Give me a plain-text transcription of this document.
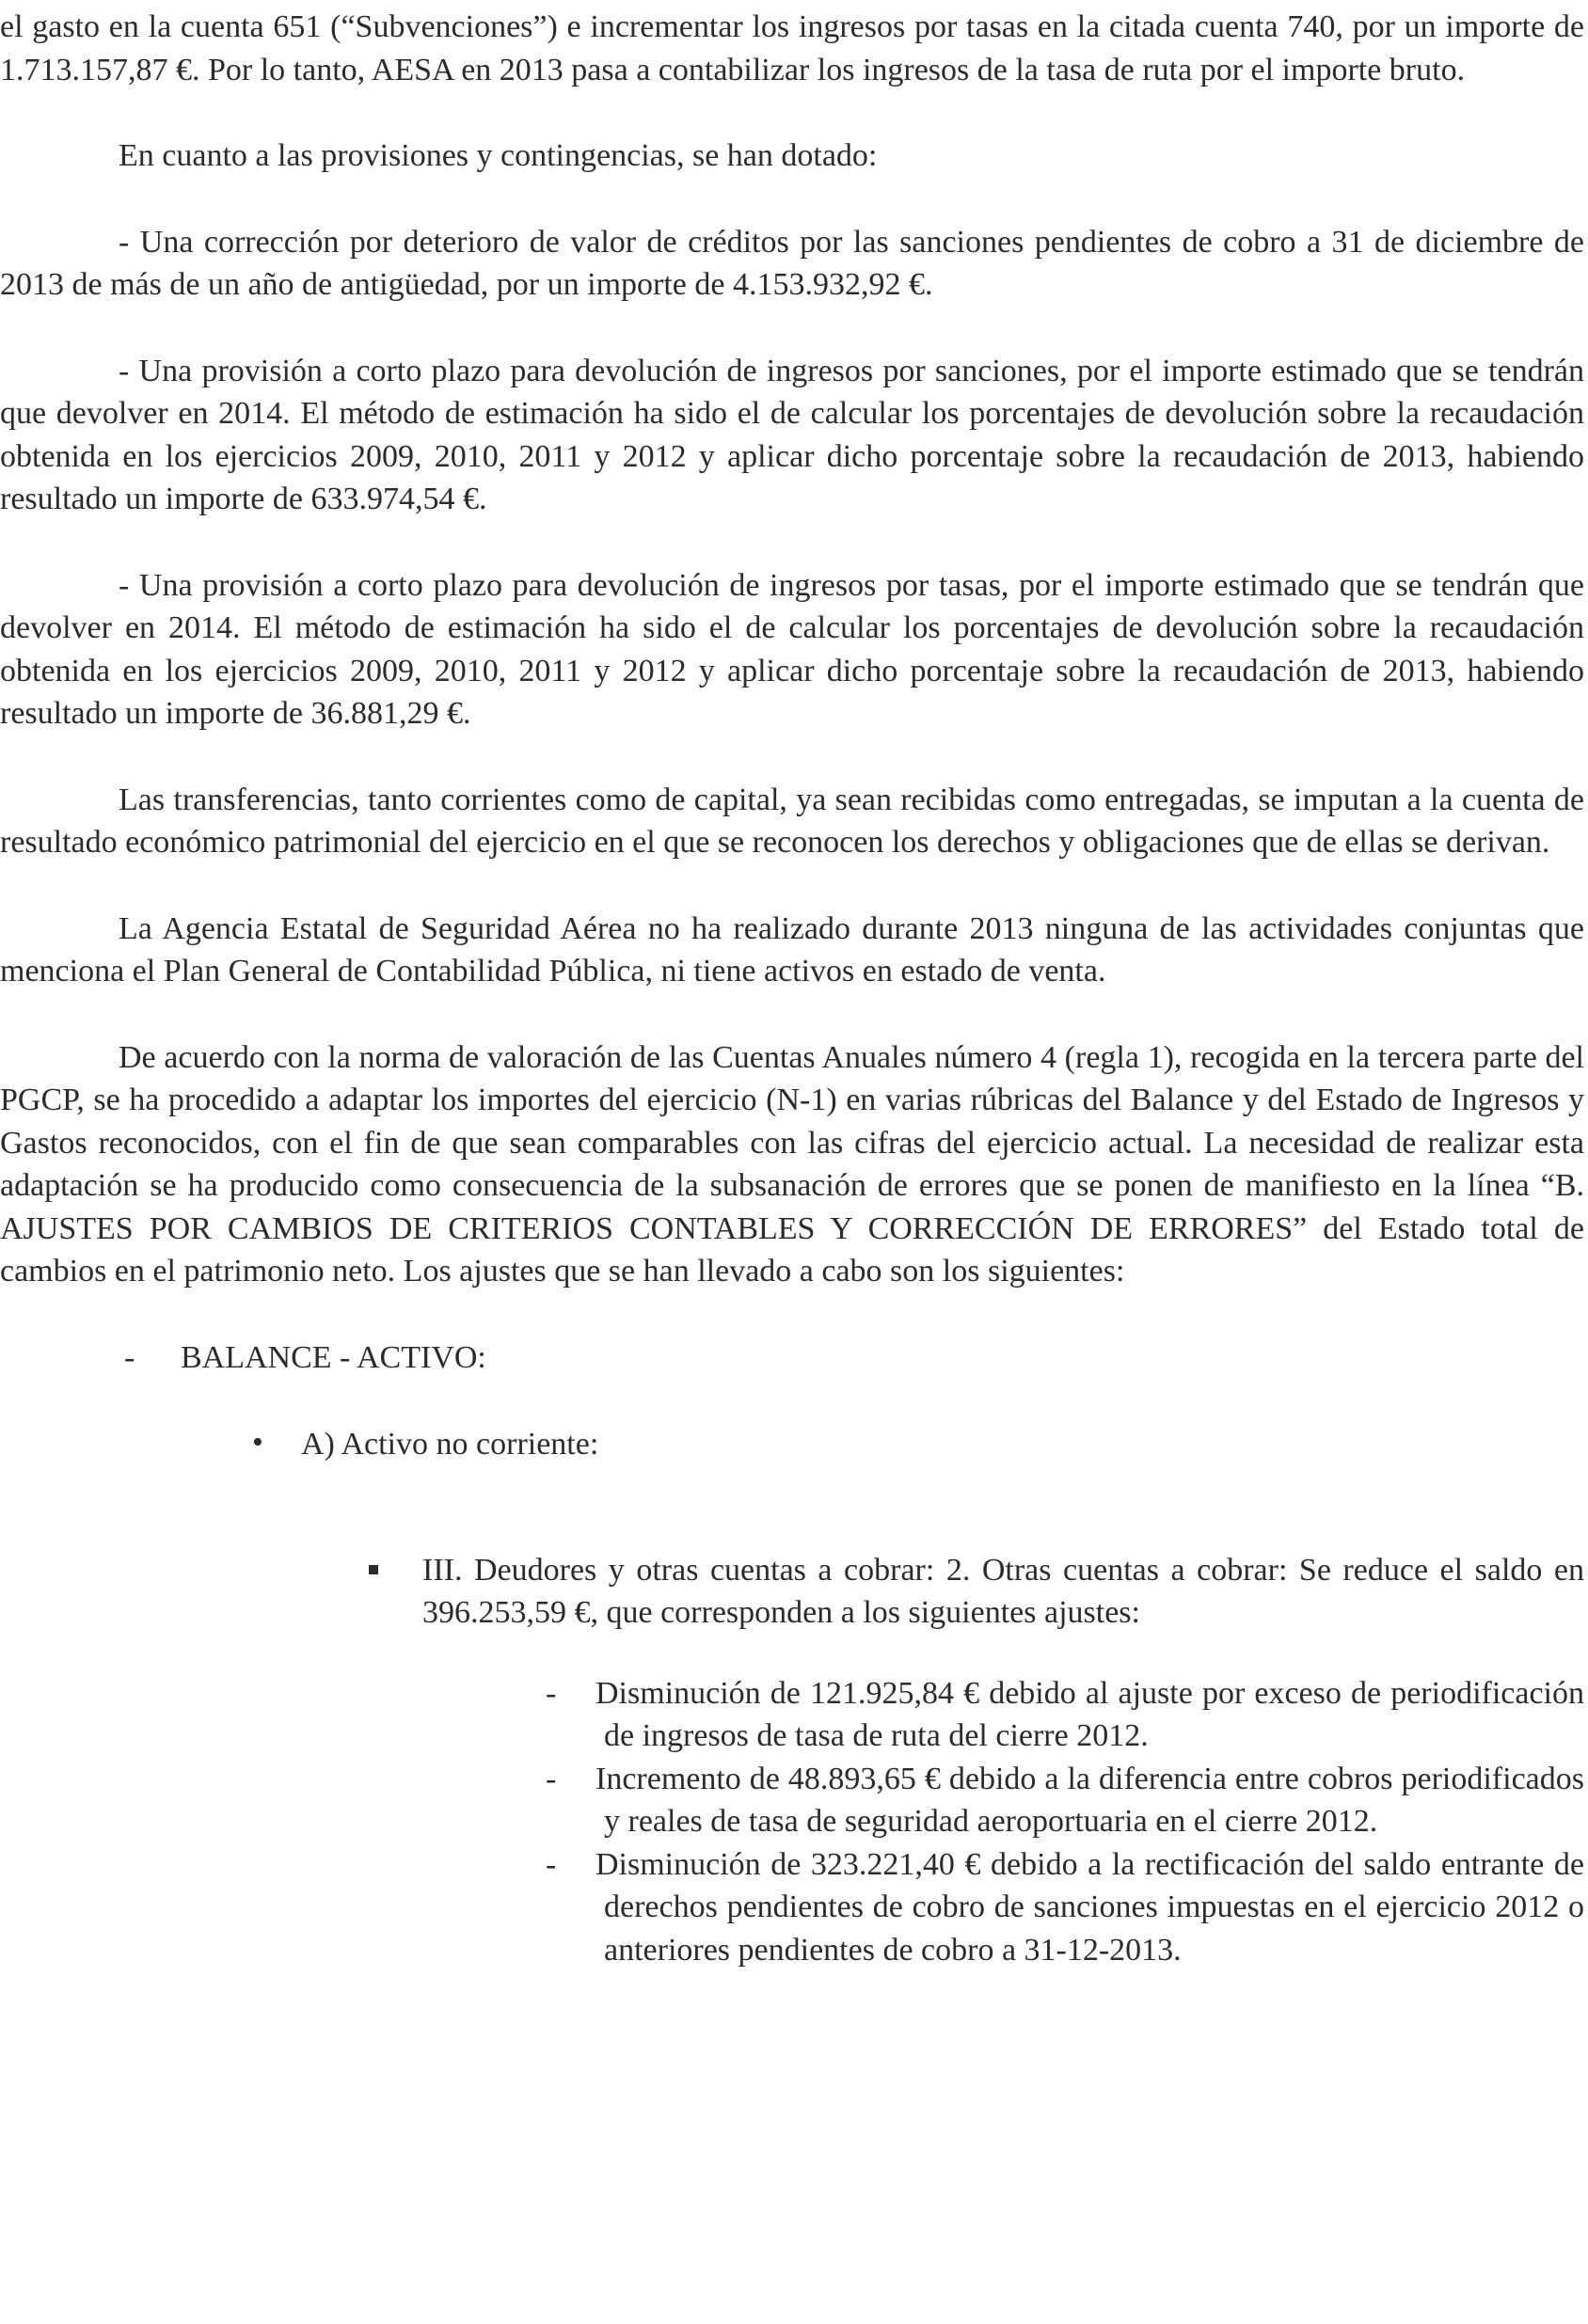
el gasto en la cuenta 651 (“Subvenciones”) e incrementar los ingresos por tasas en la citada cuenta 740, por un importe de 1.713.157,87 €. Por lo tanto, AESA en 2013 pasa a contabilizar los ingresos de la tasa de ruta por el importe bruto.

En cuanto a las provisiones y contingencias, se han dotado:

- Una corrección por deterioro de valor de créditos por las sanciones pendientes de cobro a 31 de diciembre de 2013 de más de un año de antigüedad, por un importe de 4.153.932,92 €.

- Una provisión a corto plazo para devolución de ingresos por sanciones, por el importe estimado que se tendrán que devolver en 2014. El método de estimación ha sido el de calcular los porcentajes de devolución sobre la recaudación obtenida en los ejercicios 2009, 2010, 2011 y 2012 y aplicar dicho porcentaje sobre la recaudación de 2013, habiendo resultado un importe de 633.974,54 €.

- Una provisión a corto plazo para devolución de ingresos por tasas, por el importe estimado que se tendrán que devolver en 2014. El método de estimación ha sido el de calcular los porcentajes de devolución sobre la recaudación obtenida en los ejercicios 2009, 2010, 2011 y 2012 y aplicar dicho porcentaje sobre la recaudación de 2013, habiendo resultado un importe de 36.881,29 €.

Las transferencias, tanto corrientes como de capital, ya sean recibidas como entregadas, se imputan a la cuenta de resultado económico patrimonial del ejercicio en el que se reconocen los derechos y obligaciones que de ellas se derivan.

La Agencia Estatal de Seguridad Aérea no ha realizado durante 2013 ninguna de las actividades conjuntas que menciona el Plan General de Contabilidad Pública, ni tiene activos en estado de venta.

De acuerdo con la norma de valoración de las Cuentas Anuales número 4 (regla 1), recogida en la tercera parte del PGCP, se ha procedido a adaptar los importes del ejercicio (N-1) en varias rúbricas del Balance y del Estado de Ingresos y Gastos reconocidos, con el fin de que sean comparables con las cifras del ejercicio actual. La necesidad de realizar esta adaptación se ha producido como consecuencia de la subsanación de errores que se ponen de manifiesto en la línea “B. AJUSTES POR CAMBIOS DE CRITERIOS CONTABLES Y CORRECCIÓN DE ERRORES” del Estado total de cambios en el patrimonio neto. Los ajustes que se han llevado a cabo son los siguientes:

- BALANCE - ACTIVO:
• A) Activo no corriente:
III. Deudores y otras cuentas a cobrar: 2. Otras cuentas a cobrar: Se reduce el saldo en 396.253,59 €, que corresponden a los siguientes ajustes:
- Disminución de 121.925,84 € debido al ajuste por exceso de periodificación de ingresos de tasa de ruta del cierre 2012.
- Incremento de 48.893,65 € debido a la diferencia entre cobros periodificados y reales de tasa de seguridad aeroportuaria en el cierre 2012.
- Disminución de 323.221,40 € debido a la rectificación del saldo entrante de derechos pendientes de cobro de sanciones impuestas en el ejercicio 2012 o anteriores pendientes de cobro a 31-12-2013.
